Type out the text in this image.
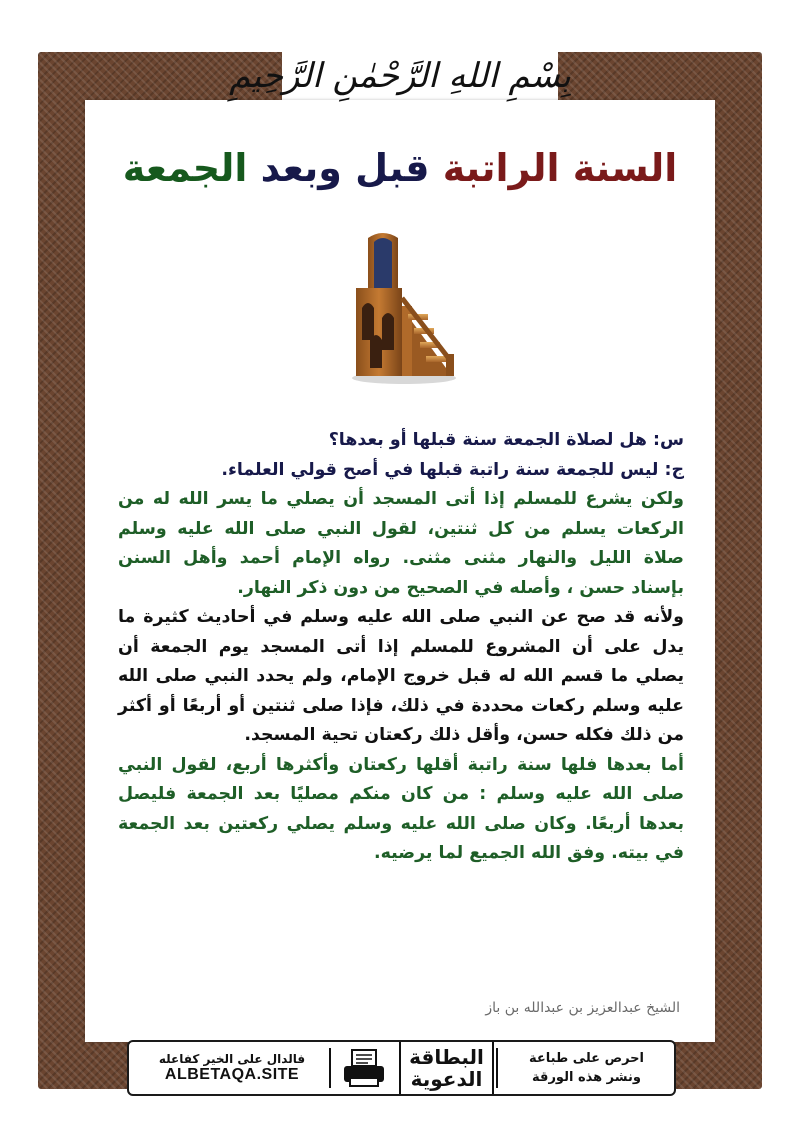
بِسْمِ اللهِ الرَّحْمٰنِ الرَّحِيمِ
السنة الراتبة قبل وبعد الجمعة

س: هل لصلاة الجمعة سنة قبلها أو بعدها؟

ج: ليس للجمعة سنة راتبة قبلها في أصح قولي العلماء.

ولكن يشرع للمسلم إذا أتى المسجد أن يصلي ما يسر الله له من الركعات يسلم من كل ثنتين، لقول النبي صلى الله عليه وسلم صلاة الليل والنهار مثنى مثنى. رواه الإمام أحمد وأهل السنن بإسناد حسن ، وأصله في الصحيح من دون ذكر النهار.

ولأنه قد صح عن النبي صلى الله عليه وسلم في أحاديث كثيرة ما يدل على أن المشروع للمسلم إذا أتى المسجد يوم الجمعة أن يصلي ما قسم الله له قبل خروج الإمام، ولم يحدد النبي صلى الله عليه وسلم ركعات محددة في ذلك، فإذا صلى ثنتين أو أربعًا أو أكثر من ذلك فكله حسن، وأقل ذلك ركعتان تحية المسجد.

أما بعدها فلها سنة راتبة أقلها ركعتان وأكثرها أربع، لقول النبي صلى الله عليه وسلم : من كان منكم مصليًا بعد الجمعة فليصل بعدها أربعًا. وكان صلى الله عليه وسلم يصلي ركعتين بعد الجمعة في بيته. وفق الله الجميع لما يرضيه.

الشيخ عبدالعزيز بن عبدالله بن باز
احرص على طباعة
ونشر هذه الورقة
البطاقة
الدعوية
فالدال على الخير كفاعله
ALBETAQA.SITE
